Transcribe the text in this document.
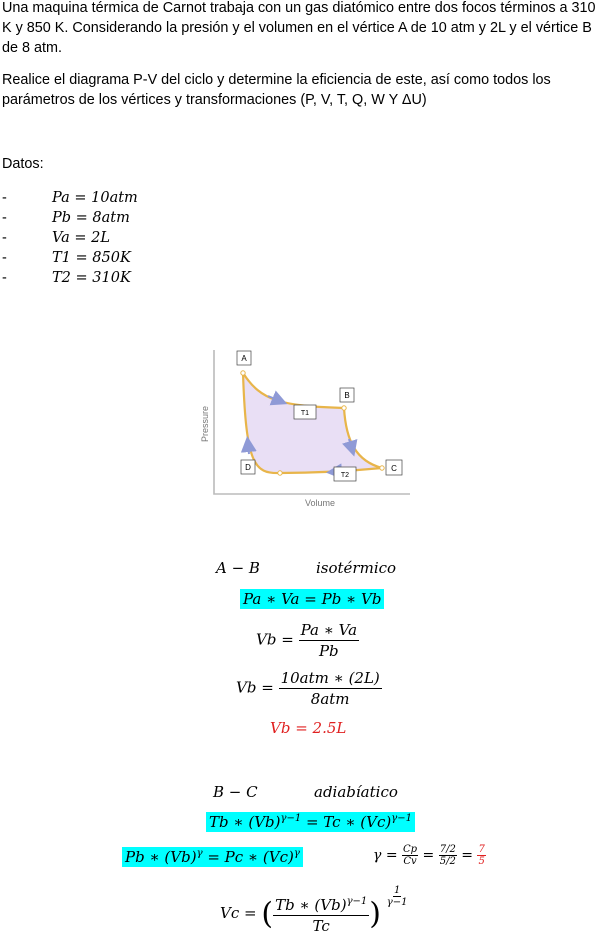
Una maquina térmica de Carnot trabaja con un gas diatómico entre dos focos términos a 310 K y 850 K. Considerando la presión y el volumen en el vértice A de 10 atm y 2L y el vértice B de 8 atm.

Realice el diagrama P-V del ciclo y determine la eficiencia de este, así como todos los parámetros de los vértices y transformaciones (P, V, T, Q, W Y ΔU)

Datos:
-	Pa = 10atm
-	Pb = 8atm
-	Va = 2L
-	T1 = 850K
-	T2 = 310K
Pressure
Volume
A
B
C
D
T1
T2
A − B	isotérmico
Pa ∗ Va = Pb ∗ Vb
$Vb = \frac{Pa ∗ Va}{Pb}$
$Vb = \frac{\text{10atm ∗ (2L)}}{\text{8atm}}$
Vb = 2.5L
B − C	adiabíatico
Tb ∗ $(Vb)^{\gamma-1} = Tc$ ∗ $(Vc)^{\gamma-1}$
Pb ∗ $(Vb)^\gamma = Pc$ ∗ $(Vc)^\gamma$	$\gamma = \frac{Cp}{Cv} = \frac{7/2}{5/2} = \frac{7}{5}$
Vc = ( $\frac{Tb ∗ (Vb)^{\gamma-1}}{Tc}$ )
$\frac{1}{\gamma-1}$
